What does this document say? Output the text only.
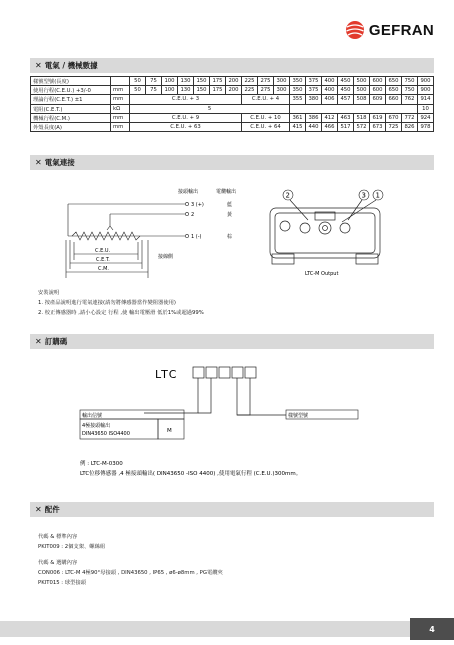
GEFRAN
✕ 電氣 / 機械數據
樣號型號(長度)		50	75	100	130	150	175	200	225	275	300	350	375	400	450	500	600	650	750	900
使用行程(C.E.U.) +3/-0	mm	50	75	100	130	150	175	200	225	275	300	350	375	400	450	500	600	650	750	900
理論行程(C.E.T.) ±1	mm	C.E.U. + 3							C.E.U. + 4			355	380	406	457	508	609	660	762	914
電阻(C.E.T.)	kΩ	5																		10
機械行程(C.M.)	mm	C.E.U. + 9							C.E.U. + 10			361	386	412	463	518	619	670	772	924
外殼長度(A)	mm	C.E.U. + 63							C.E.U. + 64			415	440	466	517	572	673	725	826	978
✕ 電氣連接
接頭輸出	電纜輸出
3 (+)	藍
2	黃
1 (-)	棕
C.E.U.
C.E.T.
C.M.
接線側
2	3 1
LTC-M Output
安裝說明
1. 按產品說明進行電氣連接(請勿將傳感器當作變阻器使用)
2. 校正傳感器時 ,請小心設定 行程 ,使 輸出電壓滑 低於1%或超過99%
✕ 訂購碼
LTC
輸出信號
4極接頭輸出
DIN43650 ISO4400	M
樣號型號
例 : LTC-M-0300
LTC位移傳感器 ,4 極接頭輸出( DIN43650 -ISO 4400) ,使用電氣行程 (C.E.U.)300mm。
✕ 配件
代碼 & 標準內容
PKIT009 : 2個支架、螺絲組
代碼 & 選購內容
CON006 : LTC-M 4極90°母接頭 , DIN43650 , IP65 , ø6-ø8mm , PG電纜夾
PKIT015 : 球型接頭
4
